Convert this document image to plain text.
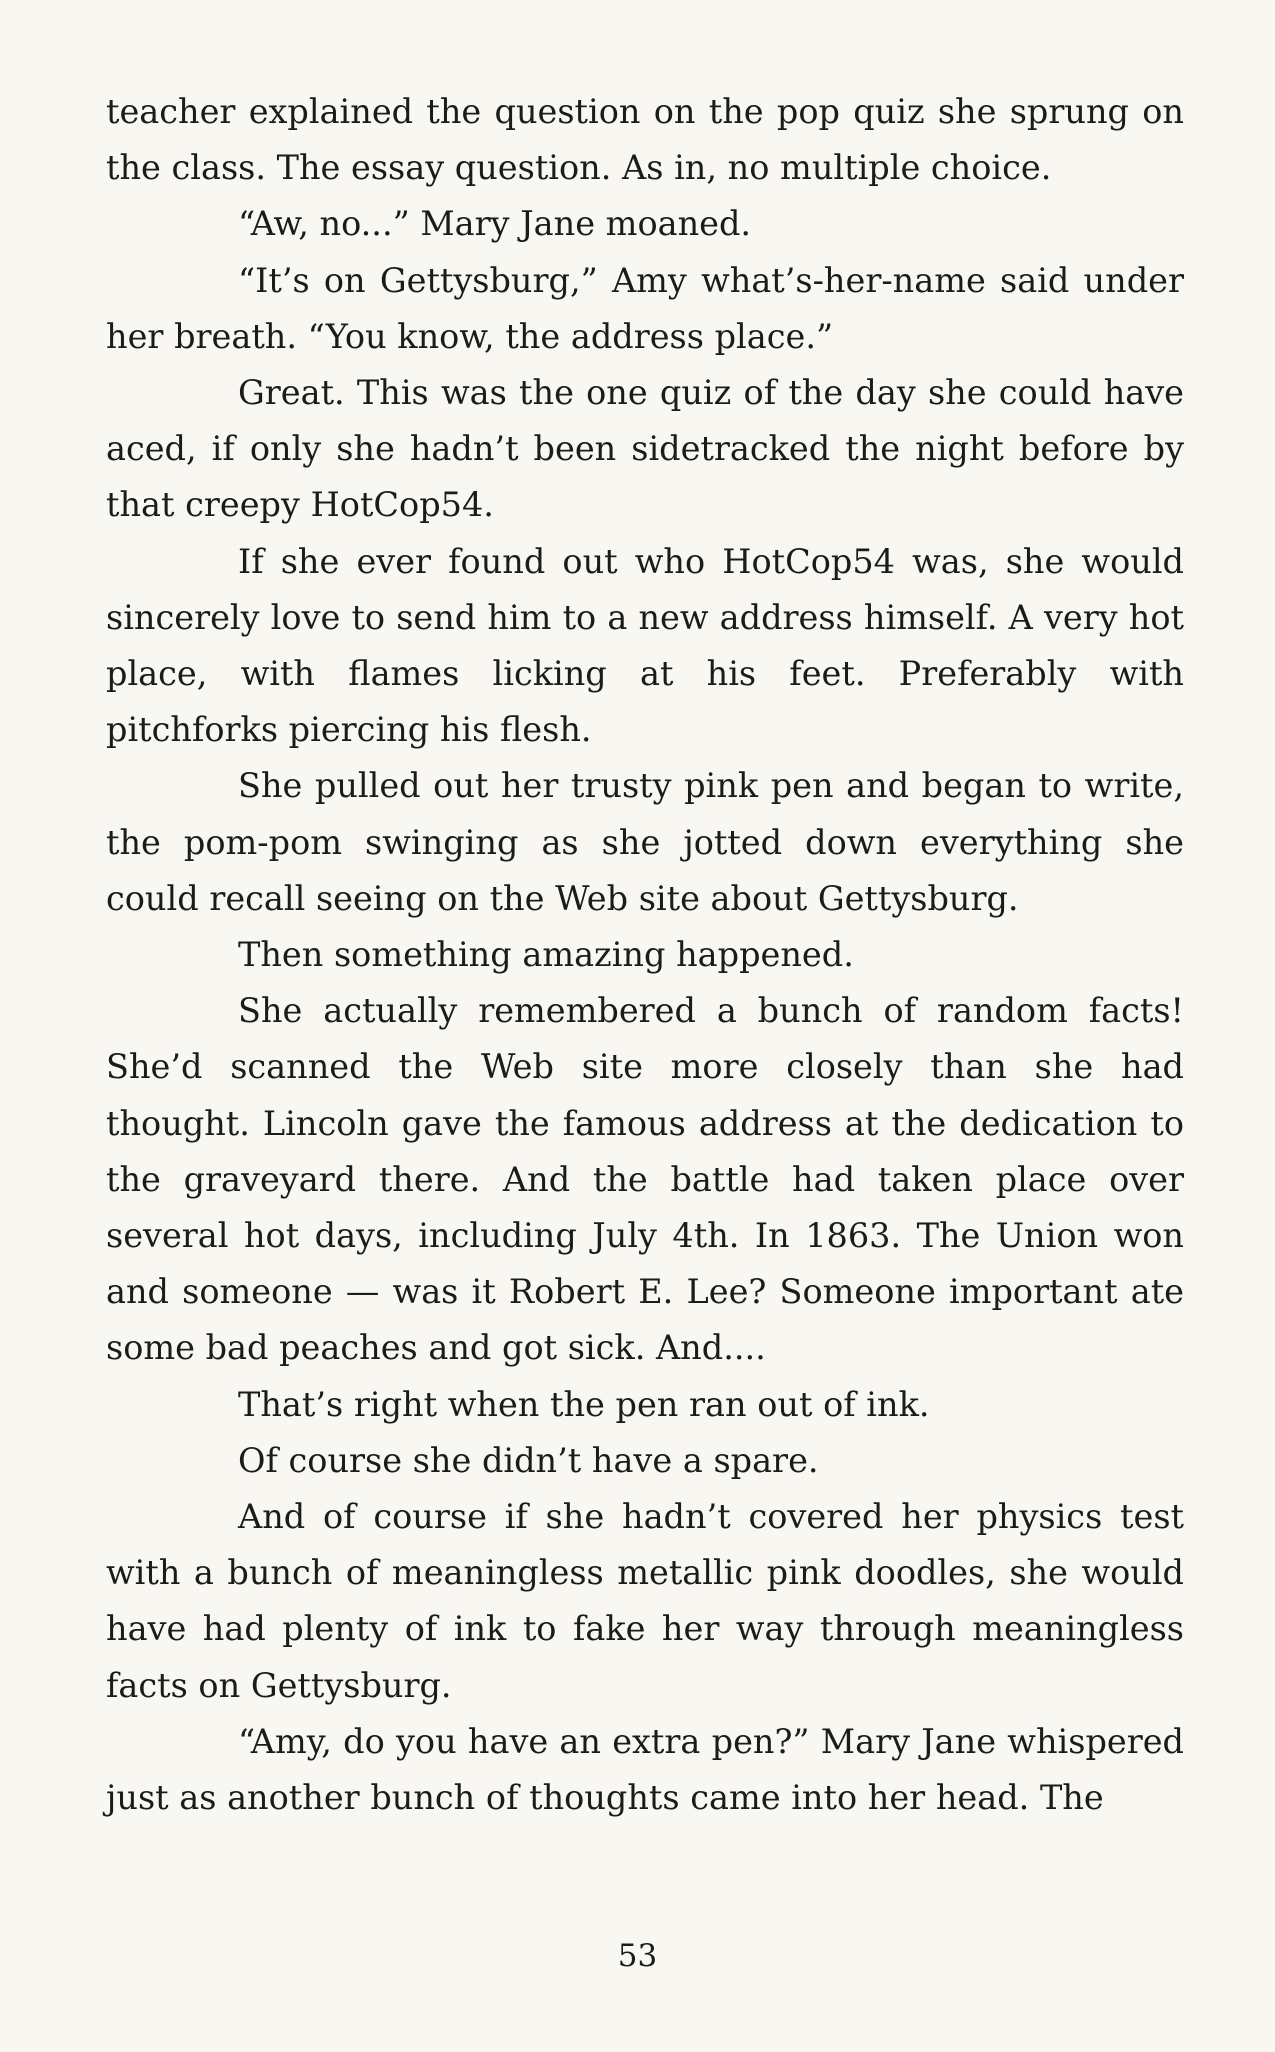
teacher explained the question on the pop quiz she sprung on the class. The essay question. As in, no multiple choice.

“Aw, no...” Mary Jane moaned.

“It’s on Gettysburg,” Amy what’s-her-name said under her breath. “You know, the address place.”

Great. This was the one quiz of the day she could have aced, if only she hadn’t been sidetracked the night before by that creepy HotCop54.

If she ever found out who HotCop54 was, she would sincerely love to send him to a new address himself. A very hot place, with flames licking at his feet. Preferably with pitchforks piercing his flesh.

She pulled out her trusty pink pen and began to write, the pom-pom swinging as she jotted down everything she could recall seeing on the Web site about Gettysburg.

Then something amazing happened.

She actually remembered a bunch of random facts! She’d scanned the Web site more closely than she had thought. Lincoln gave the famous address at the dedication to the graveyard there. And the battle had taken place over several hot days, including July 4th. In 1863. The Union won and someone — was it Robert E. Lee? Someone important ate some bad peaches and got sick. And....

That’s right when the pen ran out of ink.

Of course she didn’t have a spare.

And of course if she hadn’t covered her physics test with a bunch of meaningless metallic pink doodles, she would have had plenty of ink to fake her way through meaningless facts on Gettysburg.

“Amy, do you have an extra pen?” Mary Jane whispered just as another bunch of thoughts came into her head. The

53
